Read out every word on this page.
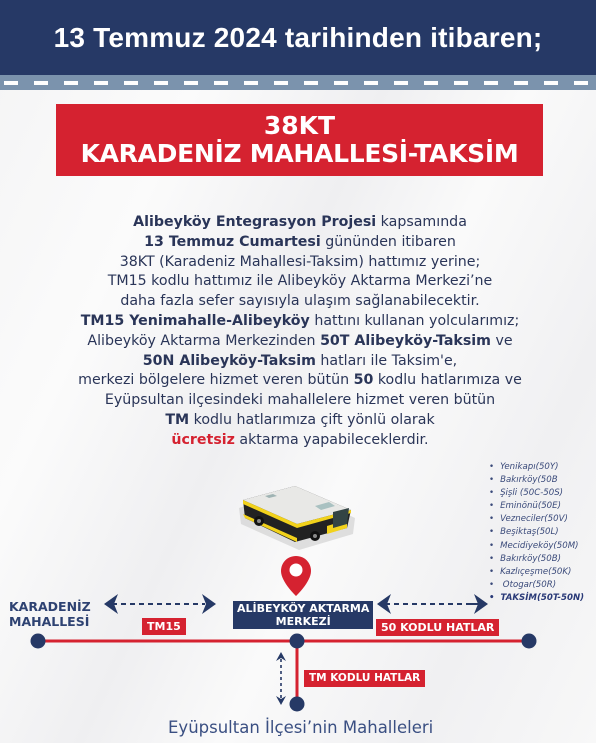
13 Temmuz 2024 tarihinden itibaren;
38KT
KARADENİZ MAHALLESİ-TAKSİM
Alibeyköy Entegrasyon Projesi kapsamında
13 Temmuz Cumartesi gününden itibaren
38KT (Karadeniz Mahallesi-Taksim) hattımız yerine;
TM15 kodlu hattımız ile Alibeyköy Aktarma Merkezi’ne
daha fazla sefer sayısıyla ulaşım sağlanabilecektir.
TM15 Yenimahalle-Alibeyköy hattını kullanan yolcularımız;
Alibeyköy Aktarma Merkezinden 50T Alibeyköy-Taksim ve
50N Alibeyköy-Taksim hatları ile Taksim'e,
merkezi bölgelere hizmet veren bütün 50 kodlu hatlarımıza ve
Eyüpsultan ilçesindeki mahallelere hizmet veren bütün
TM kodlu hatlarımıza çift yönlü olarak
ücretsiz aktarma yapabileceklerdir.
• Yenikapı(50Y)
• Bakırköy(50B
• Şişli (50C-50S)
• Eminönü(50E)
• Vezneciler(50V)
• Beşiktaş(50L)
• Mecidiyeköy(50M)
• Bakırköy(50B)
• Kazlıçeşme(50K)
• Otogar(50R)
• TAKSİM(50T-50N)
KARADENİZ
MAHALLESİ
ALİBEYKÖY AKTARMA
MERKEZİ
TM15	50 KODLU HATLAR
TM KODLU HATLAR
Eyüpsultan İlçesi’nin Mahalleleri
